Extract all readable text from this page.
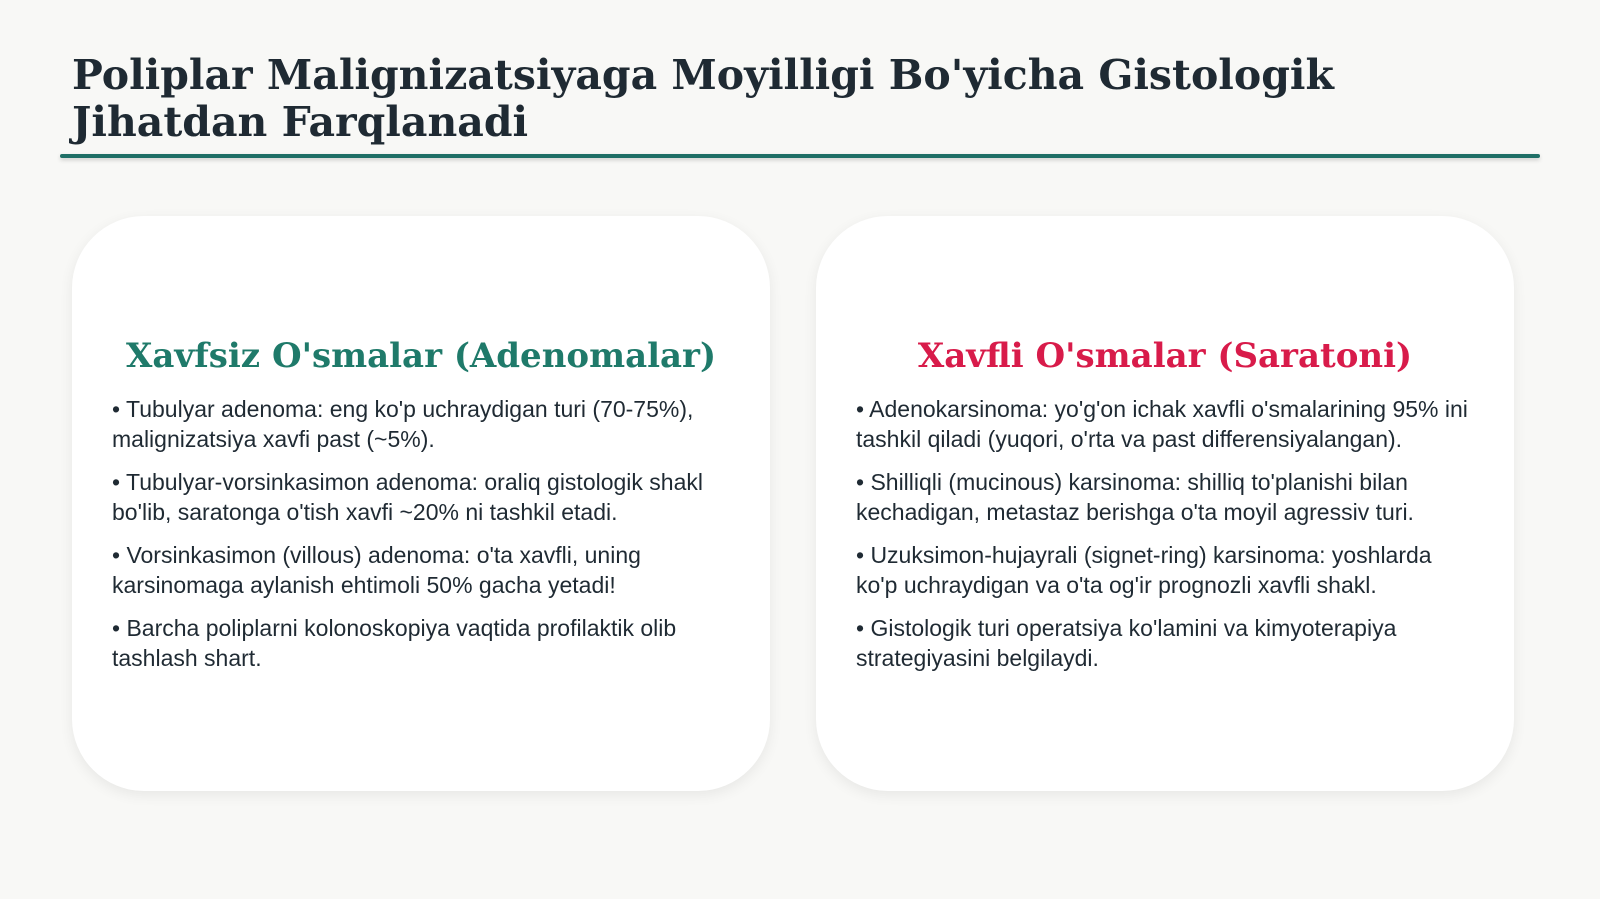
Poliplar Malignizatsiyaga Moyilligi Bo'yicha Gistologik Jihatdan Farqlanadi
Xavfsiz O'smalar (Adenomalar)
• Tubulyar adenoma: eng ko'p uchraydigan turi (70-75%), malignizatsiya xavfi past (~5%).
• Tubulyar-vorsinkasimon adenoma: oraliq gistologik shakl bo'lib, saratonga o'tish xavfi ~20% ni tashkil etadi.
• Vorsinkasimon (villous) adenoma: o'ta xavfli, uning karsinomaga aylanish ehtimoli 50% gacha yetadi!
• Barcha poliplarni kolonoskopiya vaqtida profilaktik olib tashlash shart.
Xavfli O'smalar (Saratoni)
• Adenokarsinoma: yo'g'on ichak xavfli o'smalarining 95% ini tashkil qiladi (yuqori, o'rta va past differensiyalangan).
• Shilliqli (mucinous) karsinoma: shilliq to'planishi bilan kechadigan, metastaz berishga o'ta moyil agressiv turi.
• Uzuksimon-hujayrali (signet-ring) karsinoma: yoshlarda ko'p uchraydigan va o'ta og'ir prognozli xavfli shakl.
• Gistologik turi operatsiya ko'lamini va kimyoterapiya strategiyasini belgilaydi.
